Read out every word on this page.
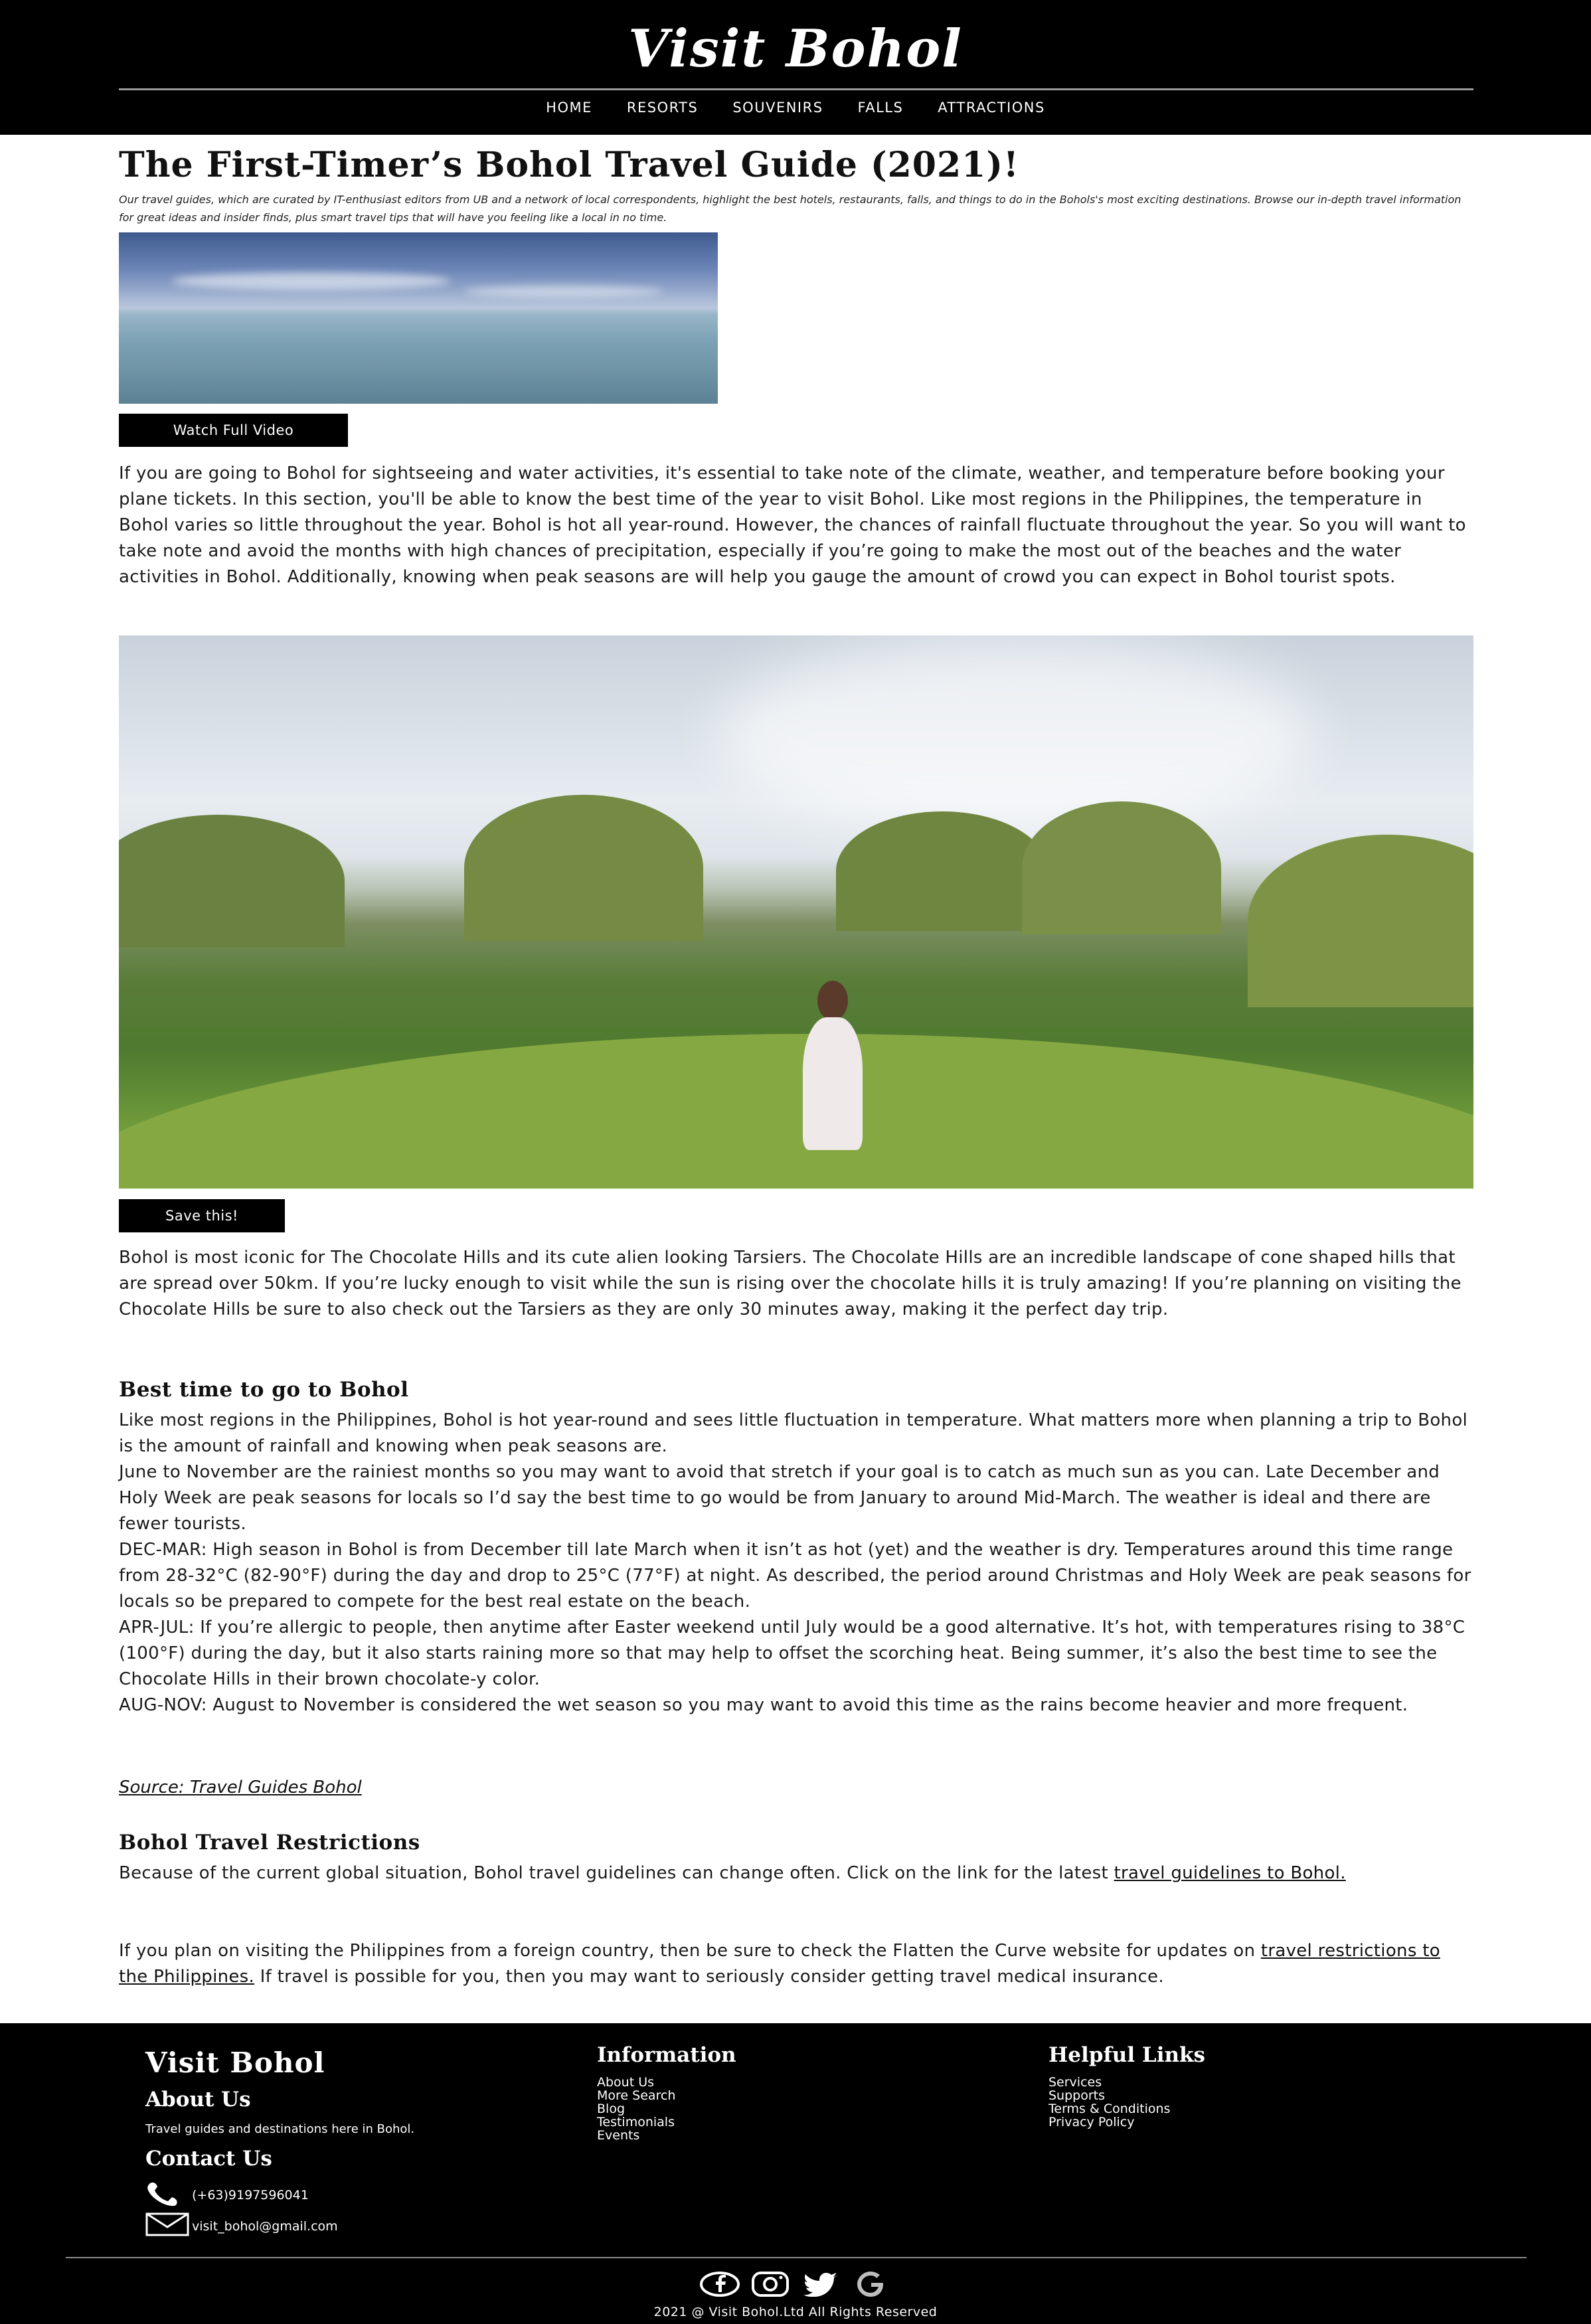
Visit Bohol
HOME RESORTS SOUVENIRS FALLS ATTRACTIONS
The First-Timer’s Bohol Travel Guide (2021)!

Our travel guides, which are curated by IT-enthusiast editors from UB and a network of local correspondents, highlight the best hotels, restaurants, falls, and things to do in the Bohols's most exciting destinations. Browse our in-depth travel information for great ideas and insider finds, plus smart travel tips that will have you feeling like a local in no time.

Watch Full Video

If you are going to Bohol for sightseeing and water activities, it's essential to take note of the climate, weather, and temperature before booking your plane tickets. In this section, you'll be able to know the best time of the year to visit Bohol. Like most regions in the Philippines, the temperature in Bohol varies so little throughout the year. Bohol is hot all year-round. However, the chances of rainfall fluctuate throughout the year. So you will want to take note and avoid the months with high chances of precipitation, especially if you’re going to make the most out of the beaches and the water activities in Bohol. Additionally, knowing when peak seasons are will help you gauge the amount of crowd you can expect in Bohol tourist spots.

Save this!

Bohol is most iconic for The Chocolate Hills and its cute alien looking Tarsiers. The Chocolate Hills are an incredible landscape of cone shaped hills that are spread over 50km. If you’re lucky enough to visit while the sun is rising over the chocolate hills it is truly amazing! If you’re planning on visiting the Chocolate Hills be sure to also check out the Tarsiers as they are only 30 minutes away, making it the perfect day trip.

Best time to go to Bohol
Like most regions in the Philippines, Bohol is hot year-round and sees little fluctuation in temperature. What matters more when planning a trip to Bohol is the amount of rainfall and knowing when peak seasons are.
June to November are the rainiest months so you may want to avoid that stretch if your goal is to catch as much sun as you can. Late December and Holy Week are peak seasons for locals so I’d say the best time to go would be from January to around Mid-March. The weather is ideal and there are fewer tourists.
DEC-MAR: High season in Bohol is from December till late March when it isn’t as hot (yet) and the weather is dry. Temperatures around this time range from 28-32°C (82-90°F) during the day and drop to 25°C (77°F) at night. As described, the period around Christmas and Holy Week are peak seasons for locals so be prepared to compete for the best real estate on the beach.
APR-JUL: If you’re allergic to people, then anytime after Easter weekend until July would be a good alternative. It’s hot, with temperatures rising to 38°C (100°F) during the day, but it also starts raining more so that may help to offset the scorching heat. Being summer, it’s also the best time to see the Chocolate Hills in their brown chocolate-y color.
AUG-NOV: August to November is considered the wet season so you may want to avoid this time as the rains become heavier and more frequent.
Source: Travel Guides Bohol
Bohol Travel Restrictions

Because of the current global situation, Bohol travel guidelines can change often. Click on the link for the latest travel guidelines to Bohol.

If you plan on visiting the Philippines from a foreign country, then be sure to check the Flatten the Curve website for updates on travel restrictions to the Philippines. If travel is possible for you, then you may want to seriously consider getting travel medical insurance.

Visit Bohol
About Us
Travel guides and destinations here in Bohol.
Contact Us
(+63)9197596041
visit_bohol@gmail.com
Information
About Us
More Search
Blog
Testimonials
Events
Helpful Links
Services
Supports
Terms & Conditions
Privacy Policy
2021 @ Visit Bohol.Ltd All Rights Reserved
